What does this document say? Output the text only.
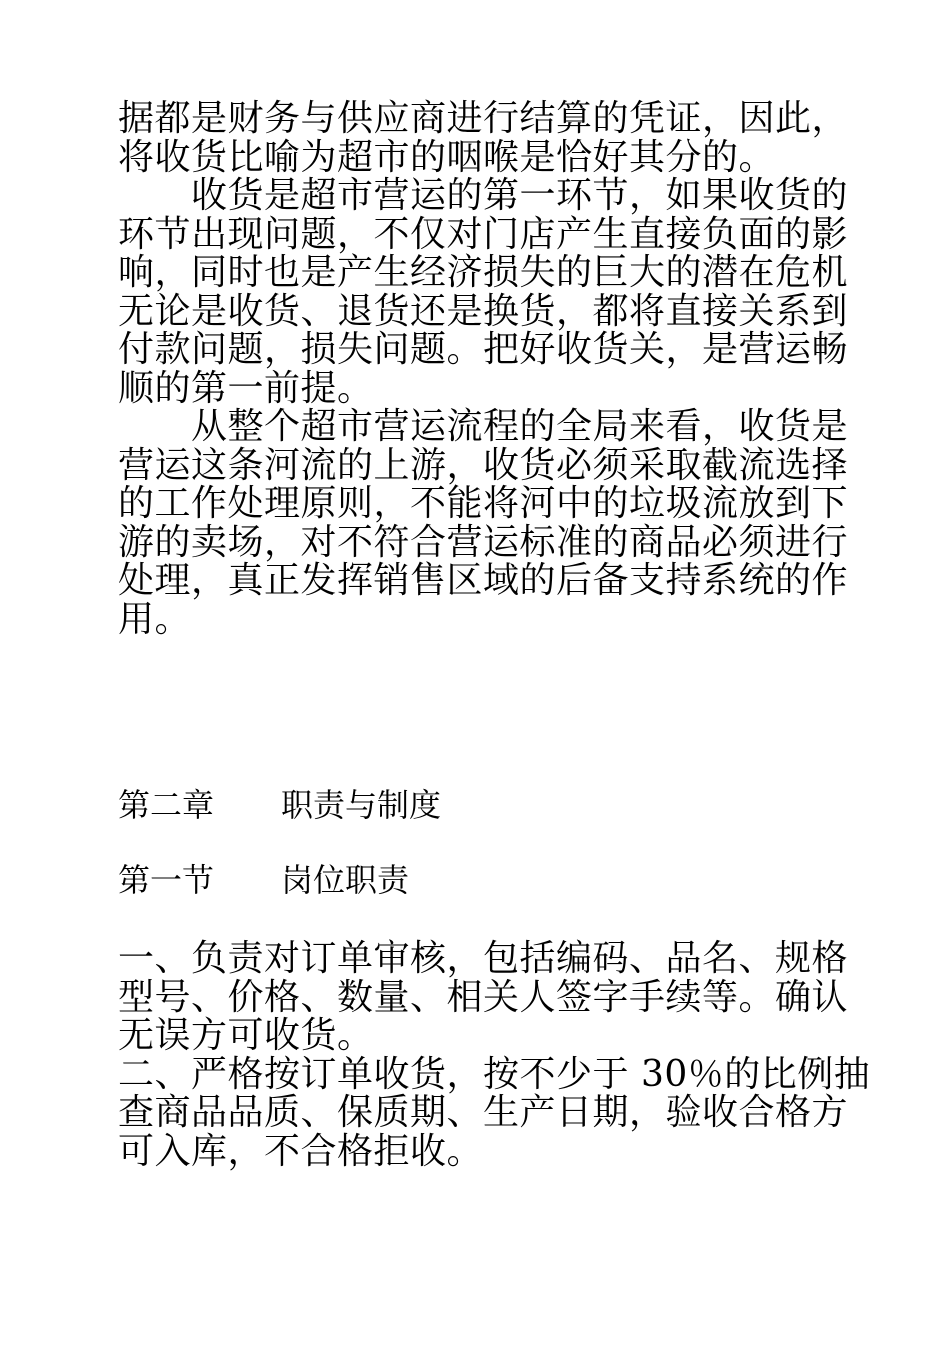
据都是财务与供应商进行结算的凭证，因此，
将收货比喻为超市的咽喉是恰好其分的。
　　收货是超市营运的第一环节，如果收货的
环节出现问题，不仅对门店产生直接负面的影
响，同时也是产生经济损失的巨大的潜在危机
无论是收货、退货还是换货，都将直接关系到
付款问题，损失问题。把好收货关，是营运畅
顺的第一前提。
　　从整个超市营运流程的全局来看，收货是
营运这条河流的上游，收货必须采取截流选择
的工作处理原则，不能将河中的垃圾流放到下
游的卖场，对不符合营运标准的商品必须进行
处理，真正发挥销售区域的后备支持系统的作
用。
第二章 职责与制度
第一节 岗位职责
一、负责对订单审核，包括编码、品名、规格
型号、价格、数量、相关人签字手续等。确认
无误方可收货。
二、严格按订单收货，按不少于 30％的比例抽
查商品品质、保质期、生产日期，验收合格方
可入库，不合格拒收。
